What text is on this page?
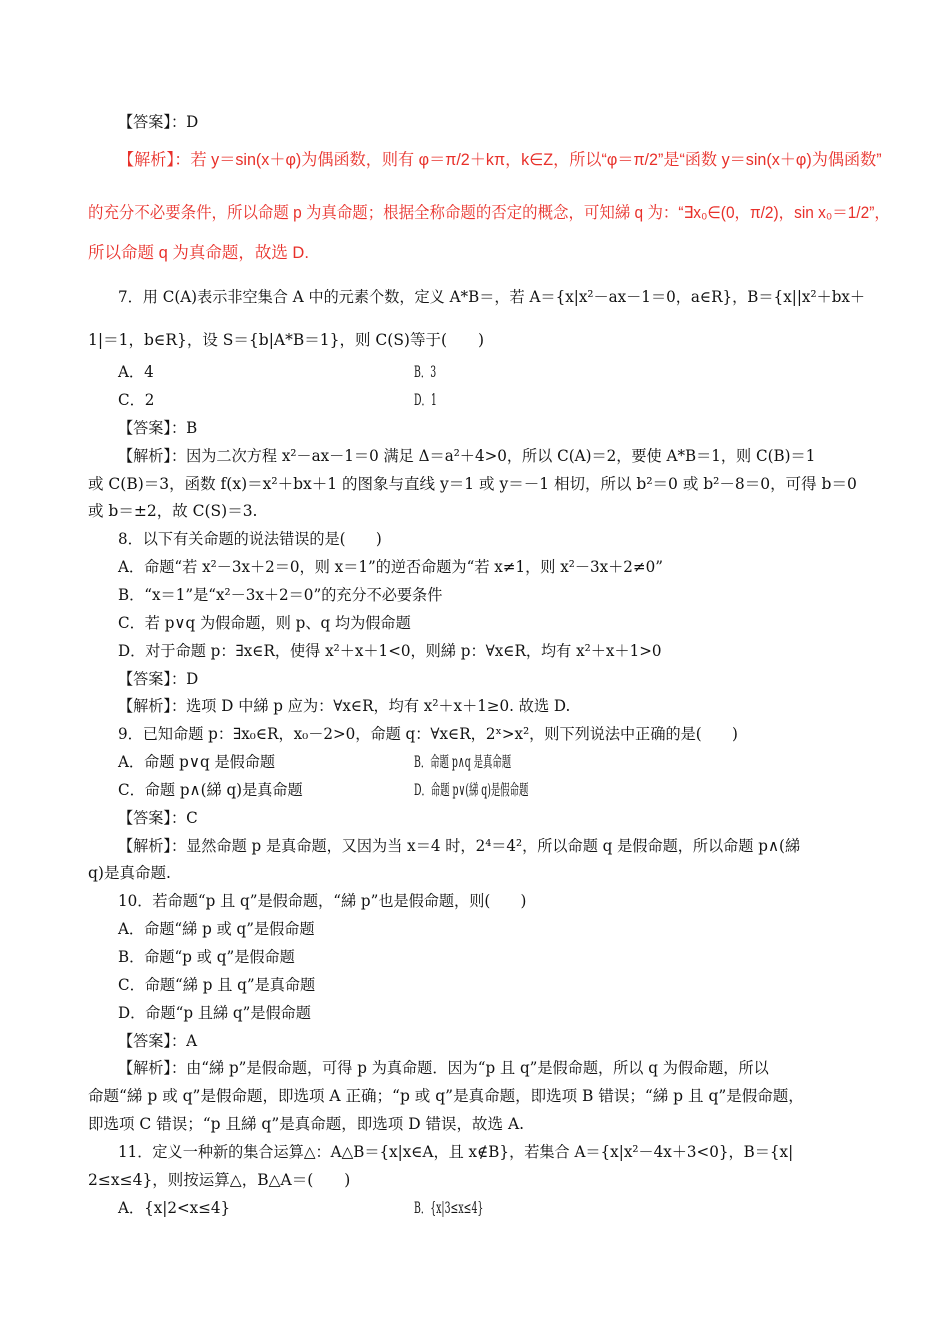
【答案】：D
【解析】：若 y＝sin(x＋φ)为偶函数，则有 φ＝π/2＋kπ，k∈Z，所以“φ＝π/2”是“函数 y＝sin(x＋φ)为偶函数”
的充分不必要条件，所以命题 p 为真命题；根据全称命题的否定的概念，可知綈 q 为：“∃x₀∈(0，π/2)，sin x₀＝1/2”，
所以命题 q 为真命题，故选 D.
7．用 C(A)表示非空集合 A 中的元素个数，定义 A*B＝，若 A＝{x|x²－ax－1＝0，a∈R}，B＝{x||x²＋bx＋
1|＝1，b∈R}，设 S＝{b|A*B＝1}，则 C(S)等于(　　)
A．4	B．3
C．2	D．1
【答案】：B
【解析】：因为二次方程 x²－ax－1＝0 满足 Δ＝a²＋4>0，所以 C(A)＝2，要使 A*B＝1，则 C(B)＝1
或 C(B)＝3，函数 f(x)＝x²＋bx＋1 的图象与直线 y＝1 或 y＝－1 相切，所以 b²＝0 或 b²－8＝0，可得 b＝0
或 b＝±2，故 C(S)＝3.
8．以下有关命题的说法错误的是(　　)
A．命题“若 x²－3x＋2＝0，则 x＝1”的逆否命题为“若 x≠1，则 x²－3x＋2≠0”
B．“x＝1”是“x²－3x＋2＝0”的充分不必要条件
C．若 p∨q 为假命题，则 p、q 均为假命题
D．对于命题 p：∃x∈R，使得 x²＋x＋1<0，则綈 p：∀x∈R，均有 x²＋x＋1>0
【答案】：D
【解析】：选项 D 中綈 p 应为：∀x∈R，均有 x²＋x＋1≥0. 故选 D.
9．已知命题 p：∃x₀∈R，x₀－2>0，命题 q：∀x∈R，2ˣ>x²，则下列说法中正确的是(　　)
A．命题 p∨q 是假命题	B．命题 p∧q 是真命题
C．命题 p∧(綈 q)是真命题	D．命题 p∨(綈 q)是假命题
【答案】：C
【解析】：显然命题 p 是真命题，又因为当 x＝4 时，2⁴＝4²，所以命题 q 是假命题，所以命题 p∧(綈
q)是真命题.
10．若命题“p 且 q”是假命题，“綈 p”也是假命题，则(　　)
A．命题“綈 p 或 q”是假命题
B．命题“p 或 q”是假命题
C．命题“綈 p 且 q”是真命题
D．命题“p 且綈 q”是假命题
【答案】：A
【解析】：由“綈 p”是假命题，可得 p 为真命题．因为“p 且 q”是假命题，所以 q 为假命题，所以
命题“綈 p 或 q”是假命题，即选项 A 正确；“p 或 q”是真命题，即选项 B 错误；“綈 p 且 q”是假命题，
即选项 C 错误；“p 且綈 q”是真命题，即选项 D 错误，故选 A.
11．定义一种新的集合运算△：A△B＝{x|x∈A，且 x∉B}，若集合 A＝{x|x²－4x＋3<0}，B＝{x|
2≤x≤4}，则按运算△，B△A＝(　　)
A．{x|2<x≤4}	B．{x|3≤x≤4}
